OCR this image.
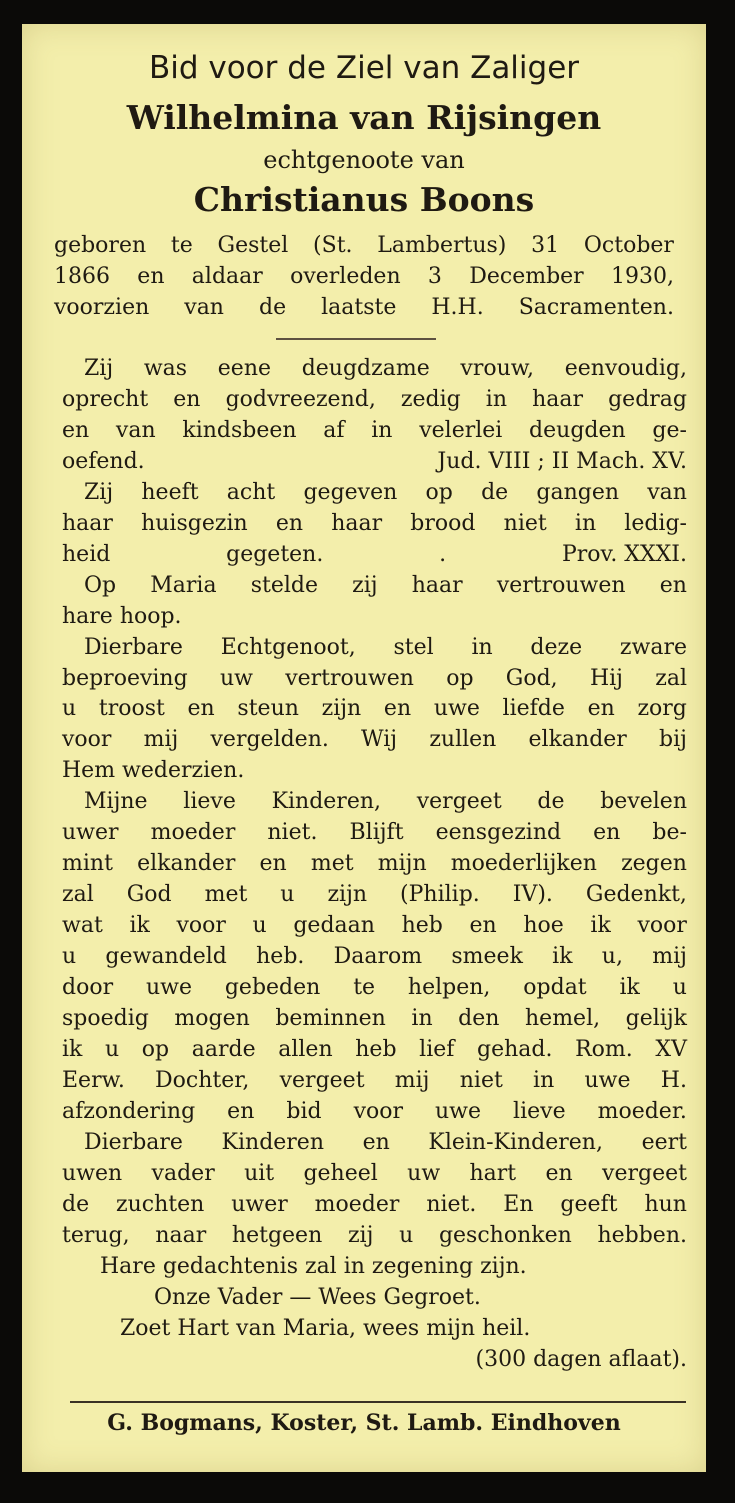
Bid voor de Ziel van Zaliger
Wilhelmina van Rijsingen
echtgenoote van
Christianus Boons
geboren te Gestel (St. Lambertus) 31 October
1866 en aldaar overleden 3 December 1930,
voorzien van de laatste H.H. Sacramenten.
Zij was eene deugdzame vrouw, eenvoudig,
oprecht en godvreezend, zedig in haar gedrag
en van kindsbeen af in velerlei deugden ge-
oefend.	Jud. VIII ; II Mach. XV.
Zij heeft acht gegeven op de gangen van
haar huisgezin en haar brood niet in ledig-
heid	gegeten.	.	Prov. XXXI.
Op Maria stelde zij haar vertrouwen en
hare hoop.
Dierbare Echtgenoot, stel in deze zware
beproeving uw vertrouwen op God, Hij zal
u troost en steun zijn en uwe liefde en zorg
voor mij vergelden. Wij zullen elkander bij
Hem wederzien.
Mijne lieve Kinderen, vergeet de bevelen
uwer moeder niet. Blijft eensgezind en be-
mint elkander en met mijn moederlijken zegen
zal God met u zijn (Philip. IV). Gedenkt,
wat ik voor u gedaan heb en hoe ik voor
u gewandeld heb. Daarom smeek ik u, mij
door uwe gebeden te helpen, opdat ik u
spoedig mogen beminnen in den hemel, gelijk
ik u op aarde allen heb lief gehad. Rom. XV
Eerw. Dochter, vergeet mij niet in uwe H.
afzondering en bid voor uwe lieve moeder.
Dierbare Kinderen en Klein-Kinderen, eert
uwen vader uit geheel uw hart en vergeet
de zuchten uwer moeder niet. En geeft hun
terug, naar hetgeen zij u geschonken hebben.
Hare gedachtenis zal in zegening zijn.
Onze Vader — Wees Gegroet.
Zoet Hart van Maria, wees mijn heil.
(300 dagen aflaat).
G. Bogmans, Koster, St. Lamb. Eindhoven
